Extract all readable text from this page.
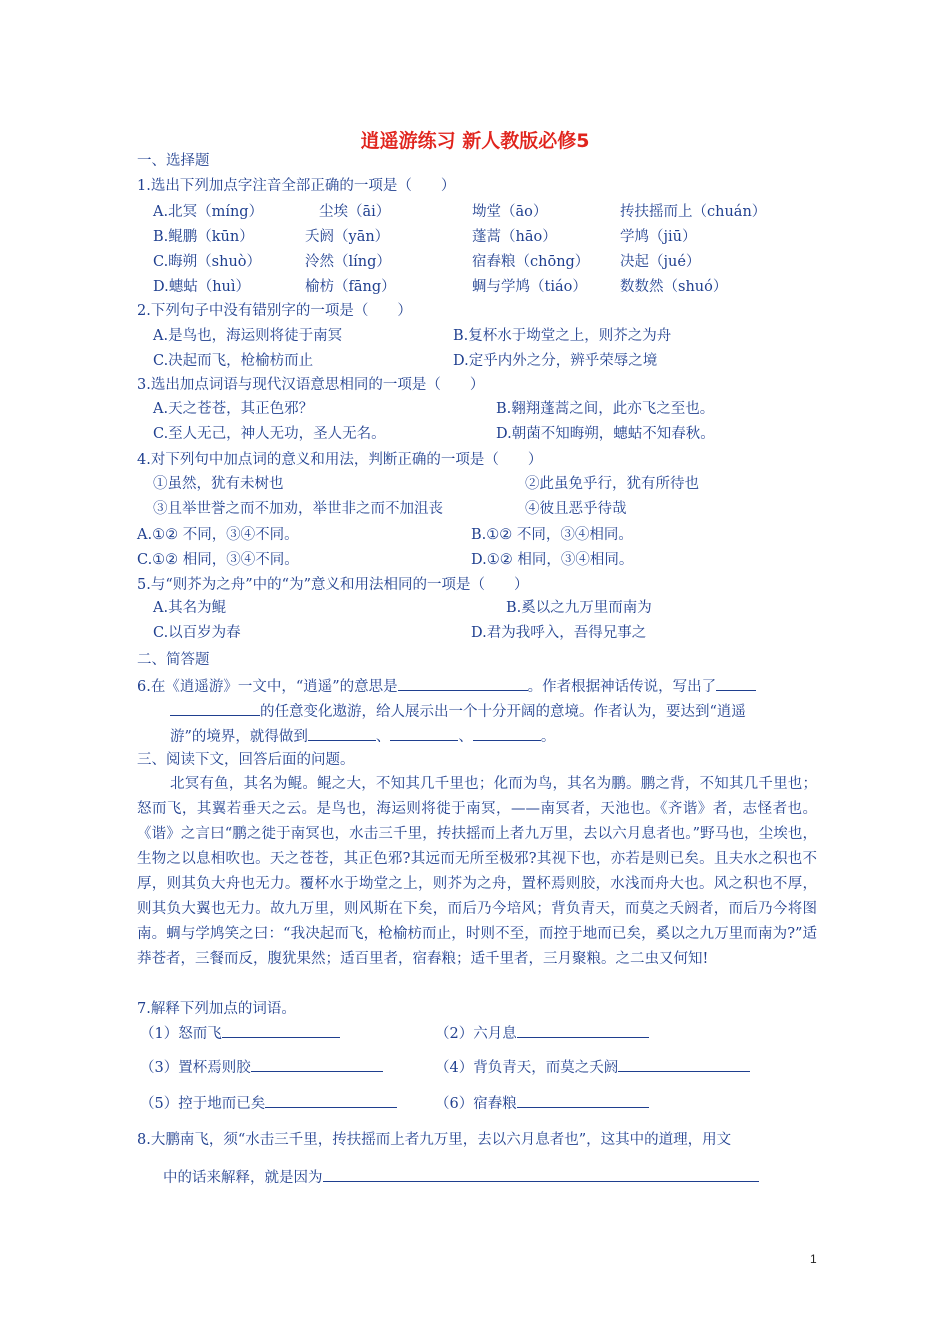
逍遥游练习 新人教版必修5
一、选择题
1.选出下列加点字注音全部正确的一项是（　　）
A.北冥（míng）	尘埃（āi）	坳堂（āo）	抟扶摇而上（chuán）
B.鲲鹏（kūn）	夭阏（yān）	蓬蒿（hāo）	学鸠（jiū）
C.晦朔（shuò）	泠然（líng）	宿舂粮（chōng） 决起（jué）
D.蟪蛄（huì）	榆枋（fāng）	蜩与学鸠（tiáo） 数数然（shuó）
2.下列句子中没有错别字的一项是（　　）
A.是鸟也，海运则将徒于南冥	B.复杯水于坳堂之上，则芥之为舟
C.决起而飞，枪榆枋而止	D.定乎内外之分，辨乎荣辱之境
3.选出加点词语与现代汉语意思相同的一项是（　　）
A.天之苍苍，其正色邪？	B.翱翔蓬蒿之间，此亦飞之至也。
C.至人无己，神人无功，圣人无名。	D.朝菌不知晦朔，蟪蛄不知春秋。
4.对下列句中加点词的意义和用法，判断正确的一项是（　　）
①虽然，犹有未树也	②此虽免乎行，犹有所待也
③且举世誉之而不加劝，举世非之而不加沮丧	④彼且恶乎待哉
A.①② 不同，③④不同。	B.①② 不同，③④相同。
C.①② 相同，③④不同。	D.①② 相同，③④相同。
5.与“则芥为之舟”中的“为”意义和用法相同的一项是（　　）
A.其名为鲲	B.奚以之九万里而南为
C.以百岁为春	D.君为我呼入，吾得兄事之
二、简答题
6.在《逍遥游》一文中，“逍遥”的意思是	。作者根据神话传说，写出了
的任意变化遨游，给人展示出一个十分开阔的意境。作者认为，要达到“逍遥
游”的境界，就得做到	、	、	。
三、阅读下文，回答后面的问题。
北冥有鱼，其名为鲲。鲲之大，不知其几千里也；化而为鸟，其名为鹏。鹏之背，不知其几千里也；怒而飞，其翼若垂天之云。是鸟也，海运则将徙于南冥，——南冥者，天池也。《齐谐》者，志怪者也。《谐》之言曰“鹏之徙于南冥也，水击三千里，抟扶摇而上者九万里，去以六月息者也。”野马也，尘埃也，生物之以息相吹也。天之苍苍，其正色邪?其远而无所至极邪?其视下也，亦若是则已矣。且夫水之积也不厚，则其负大舟也无力。覆杯水于坳堂之上，则芥为之舟，置杯焉则胶，水浅而舟大也。风之积也不厚，则其负大翼也无力。故九万里，则风斯在下矣，而后乃今培风；背负青天，而莫之夭阏者，而后乃今将图南。蜩与学鸠笑之曰：“我决起而飞，枪榆枋而止，时则不至，而控于地而已矣，奚以之九万里而南为?”适莽苍者，三餐而反，腹犹果然；适百里者，宿舂粮；适千里者，三月聚粮。之二虫又何知!
7.解释下列加点的词语。
（1）怒而飞	（2）六月息
（3）置杯焉则胶	（4）背负青天，而莫之夭阏
（5）控于地而已矣	（6）宿舂粮
8.大鹏南飞，须“水击三千里，抟扶摇而上者九万里，去以六月息者也”，这其中的道理，用文
中的话来解释，就是因为
1
